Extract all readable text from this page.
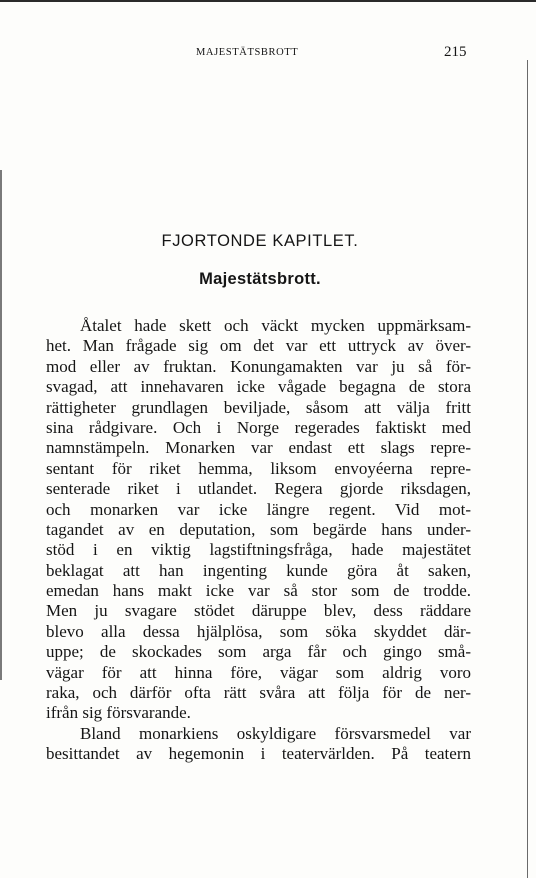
MAJESTÄTSBROTT	215
FJORTONDE KAPITLET.
Majestätsbrott.
Åtalet hade skett och väckt mycken uppmärksam-
het. Man frågade sig om det var ett uttryck av över-
mod eller av fruktan. Konungamakten var ju så för-
svagad, att innehavaren icke vågade begagna de stora
rättigheter grundlagen beviljade, såsom att välja fritt
sina rådgivare. Och i Norge regerades faktiskt med
namnstämpeln. Monarken var endast ett slags repre-
sentant för riket hemma, liksom envoyéerna repre-
senterade riket i utlandet. Regera gjorde riksdagen,
och monarken var icke längre regent. Vid mot-
tagandet av en deputation, som begärde hans under-
stöd i en viktig lagstiftningsfråga, hade majestätet
beklagat att han ingenting kunde göra åt saken,
emedan hans makt icke var så stor som de trodde.
Men ju svagare stödet däruppe blev, dess räddare
blevo alla dessa hjälplösa, som söka skyddet där-
uppe; de skockades som arga får och gingo små-
vägar för att hinna före, vägar som aldrig voro
raka, och därför ofta rätt svåra att följa för de ner-
ifrån sig försvarande.
Bland monarkiens oskyldigare försvarsmedel var
besittandet av hegemonin i teatervärlden. På teatern
